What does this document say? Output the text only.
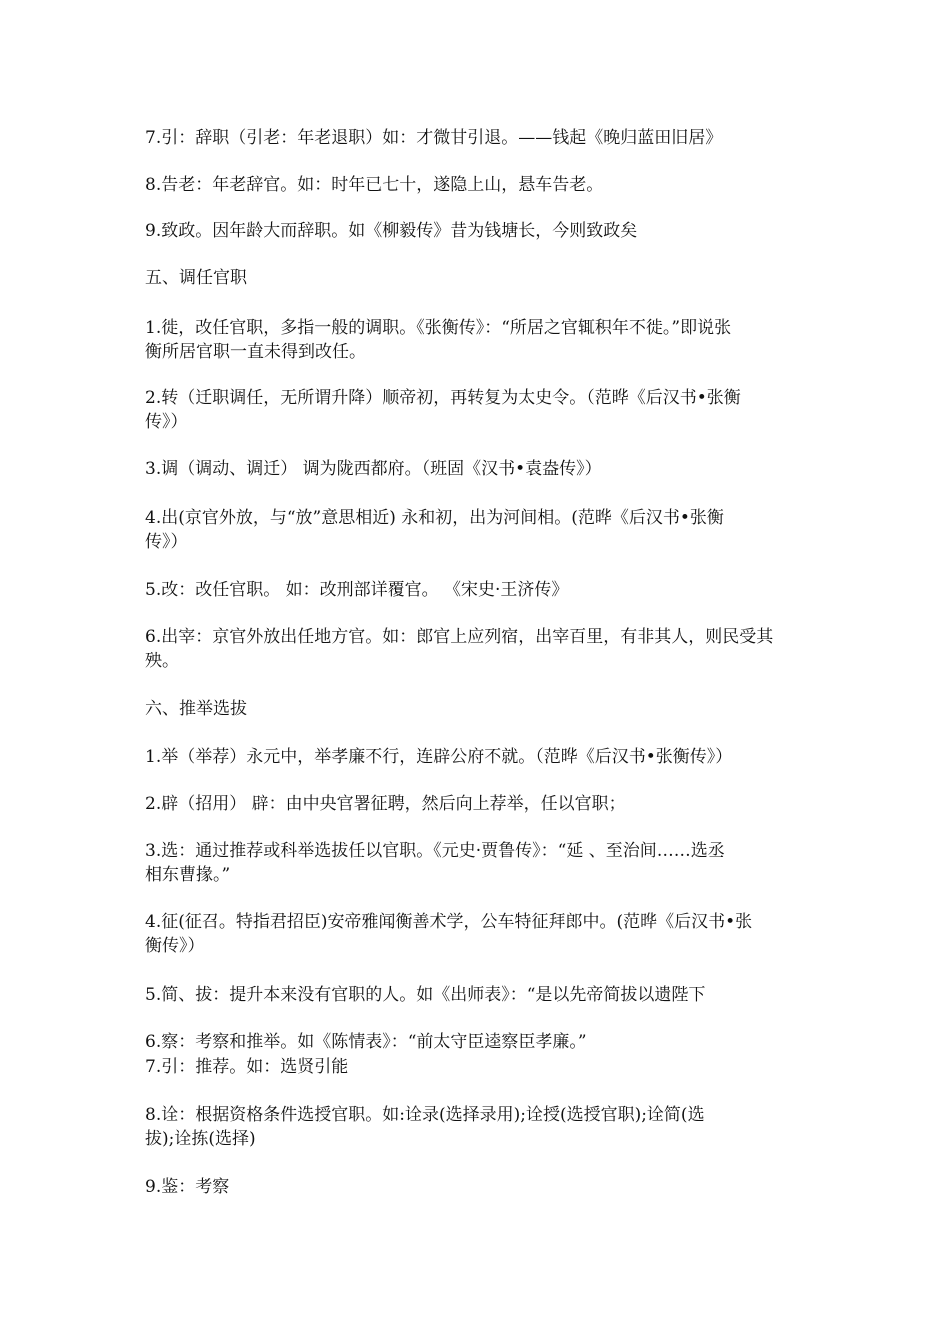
7.引：辞职（引老：年老退职）如：才微甘引退。——钱起《晚归蓝田旧居》

8.告老：年老辞官。如：时年已七十，遂隐上山，悬车告老。

9.致政。因年龄大而辞职。如《柳毅传》昔为钱塘长，今则致政矣

五、调任官职

1.徙，改任官职，多指一般的调职。《张衡传》：“所居之官辄积年不徙。”即说张

衡所居官职一直未得到改任。

2.转（迁职调任，无所谓升降）顺帝初，再转复为太史令。（范晔《后汉书•张衡

传》）

3.调（调动、调迁） 调为陇西都府。（班固《汉书•袁盎传》）

4.出(京官外放，与“放”意思相近) 永和初，出为河间相。(范晔《后汉书•张衡

传》）

5.改：改任官职。 如：改刑部详覆官。 《宋史·王济传》

6.出宰：京官外放出任地方官。如：郎官上应列宿，出宰百里，有非其人，则民受其

殃。

六、推举选拔

1.举（举荐）永元中，举孝廉不行，连辟公府不就。（范晔《后汉书•张衡传》）

2.辟（招用） 辟：由中央官署征聘，然后向上荐举，任以官职；

3.选：通过推荐或科举选拔任以官职。《元史·贾鲁传》：“延 、至治间……选丞

相东曹掾。”

4.征(征召。特指君招臣)安帝雅闻衡善术学，公车特征拜郎中。(范晔《后汉书•张

衡传》）

5.简、拔：提升本来没有官职的人。如《出师表》：“是以先帝简拔以遗陛下

6.察：考察和推举。如《陈情表》：“前太守臣逵察臣孝廉。”

7.引：推荐。如：选贤引能

8.诠：根据资格条件选授官职。如:诠录(选择录用);诠授(选授官职);诠简(选

拔);诠拣(选择)

9.鉴：考察
